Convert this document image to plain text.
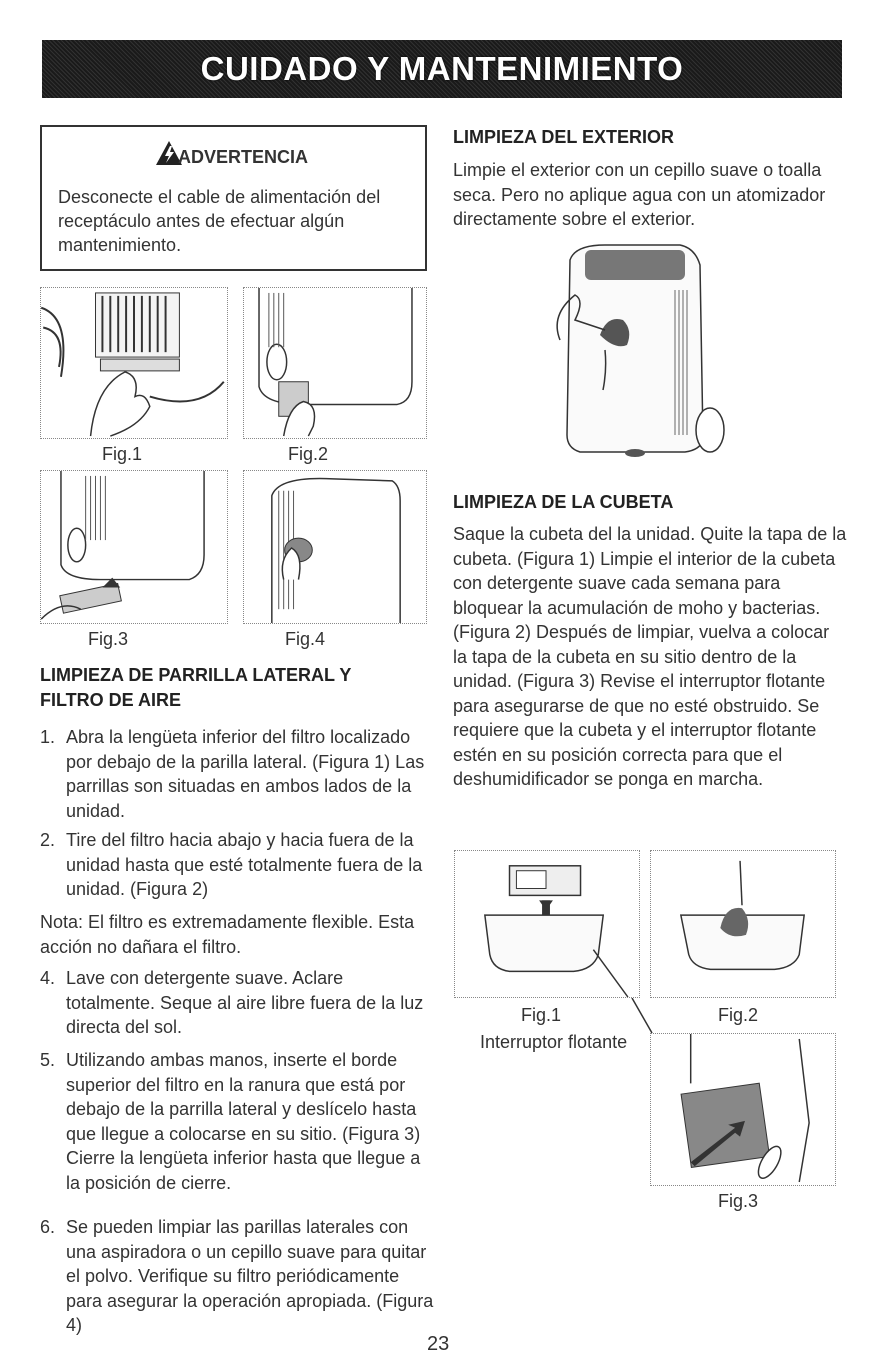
CUIDADO Y MANTENIMIENTO
ADVERTENCIA
Desconecte el cable de alimentación del receptáculo antes de efectuar algún mantenimiento.
Fig.1	Fig.2
Fig.3	Fig.4
LIMPIEZA DE PARRILLA LATERAL Y
FILTRO DE AIRE
1. Abra la lengüeta inferior del filtro localizado por debajo de la parilla lateral. (Figura 1) Las parrillas son situadas en ambos lados de la unidad.
2. Tire del filtro hacia abajo y hacia fuera de la unidad hasta que esté totalmente fuera de la unidad. (Figura 2)
Nota: El filtro es extremadamente flexible. Esta acción no dañara el filtro.
4. Lave con detergente suave. Aclare totalmente. Seque al aire libre fuera de la luz directa del sol.
5. Utilizando ambas manos, inserte el borde superior del filtro en la ranura que está por debajo de la parrilla lateral y deslícelo hasta que llegue a colocarse en su sitio. (Figura 3) Cierre la lengüeta inferior hasta que llegue a la posición de cierre.
6. Se pueden limpiar las parillas laterales con una aspiradora o un cepillo suave para quitar el polvo. Verifique su filtro periódicamente para asegurar la operación apropiada. (Figura 4)
LIMPIEZA DEL EXTERIOR
Limpie el exterior con un cepillo suave o toalla seca. Pero no aplique agua con un atomizador directamente sobre el exterior.
LIMPIEZA DE LA CUBETA
Saque la cubeta del la unidad. Quite la tapa de la cubeta. (Figura 1) Limpie el interior de la cubeta con detergente suave cada semana para bloquear la acumulación de moho y bacterias. (Figura 2) Después de limpiar, vuelva a colocar la tapa de la cubeta en su sitio dentro de la unidad. (Figura 3) Revise el interruptor flotante para asegurarse de que no esté obstruido. Se requiere que la cubeta y el interruptor flotante estén en su posición correcta para que el deshumidificador se ponga en marcha.
Fig.1
Interruptor flotante
Fig.2
Fig.3
23
